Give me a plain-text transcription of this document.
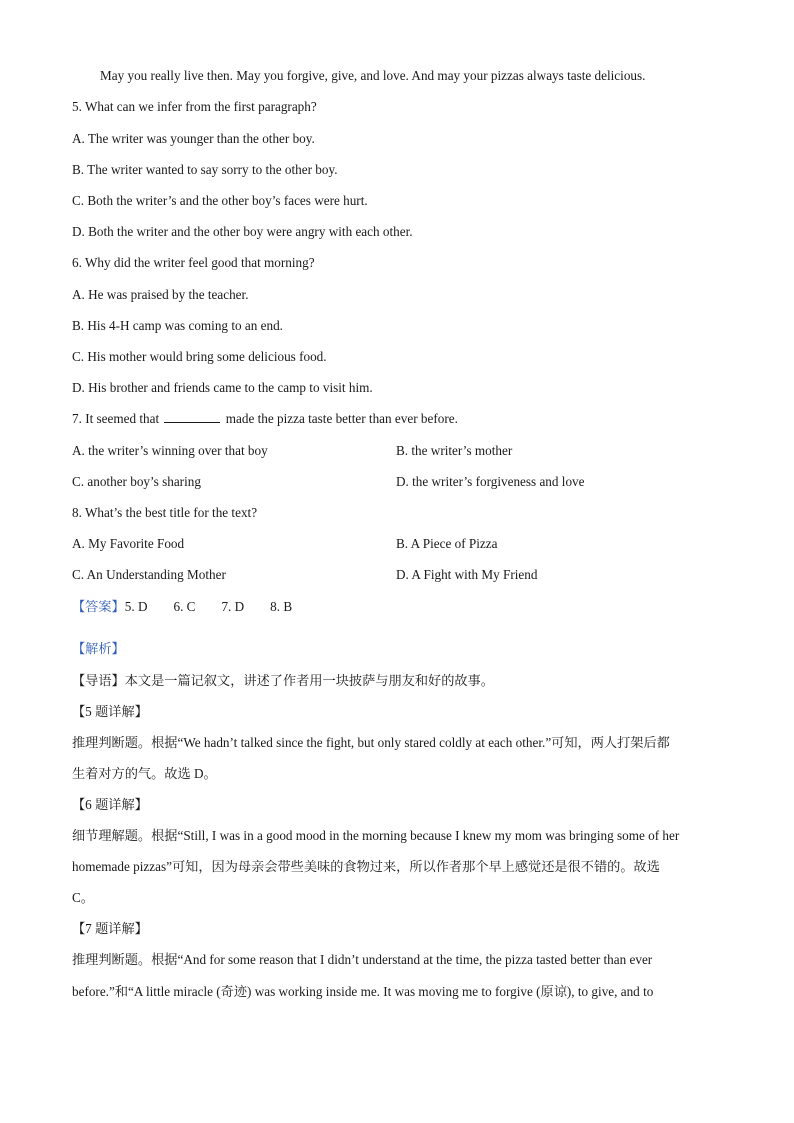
May you really live then. May you forgive, give, and love. And may your pizzas always taste delicious.
5. What can we infer from the first paragraph?
A. The writer was younger than the other boy.
B. The writer wanted to say sorry to the other boy.
C. Both the writer’s and the other boy’s faces were hurt.
D. Both the writer and the other boy were angry with each other.
6. Why did the writer feel good that morning?
A. He was praised by the teacher.
B. His 4-H camp was coming to an end.
C. His mother would bring some delicious food.
D. His brother and friends came to the camp to visit him.
7. It seemed that	made the pizza taste better than ever before.
A. the writer’s winning over that boy	B. the writer’s mother
C. another boy’s sharing	D. the writer’s forgiveness and love
8. What’s the best title for the text?
A. My Favorite Food	B. A Piece of Pizza
C. An Understanding Mother	D. A Fight with My Friend
【答案】5. D 6. C 7. D 8. B
【解析】
【导语】本文是一篇记叙文，讲述了作者用一块披萨与朋友和好的故事。
【5 题详解】
推理判断题。根据“We hadn’t talked since the fight, but only stared coldly at each other.”可知，两人打架后都
生着对方的气。故选 D。
【6 题详解】
细节理解题。根据“Still, I was in a good mood in the morning because I knew my mom was bringing some of her
homemade pizzas”可知，因为母亲会带些美味的食物过来，所以作者那个早上感觉还是很不错的。故选
C。
【7 题详解】
推理判断题。根据“And for some reason that I didn’t understand at the time, the pizza tasted better than ever
before.”和“A little miracle (奇迹) was working inside me. It was moving me to forgive (原谅), to give, and to
